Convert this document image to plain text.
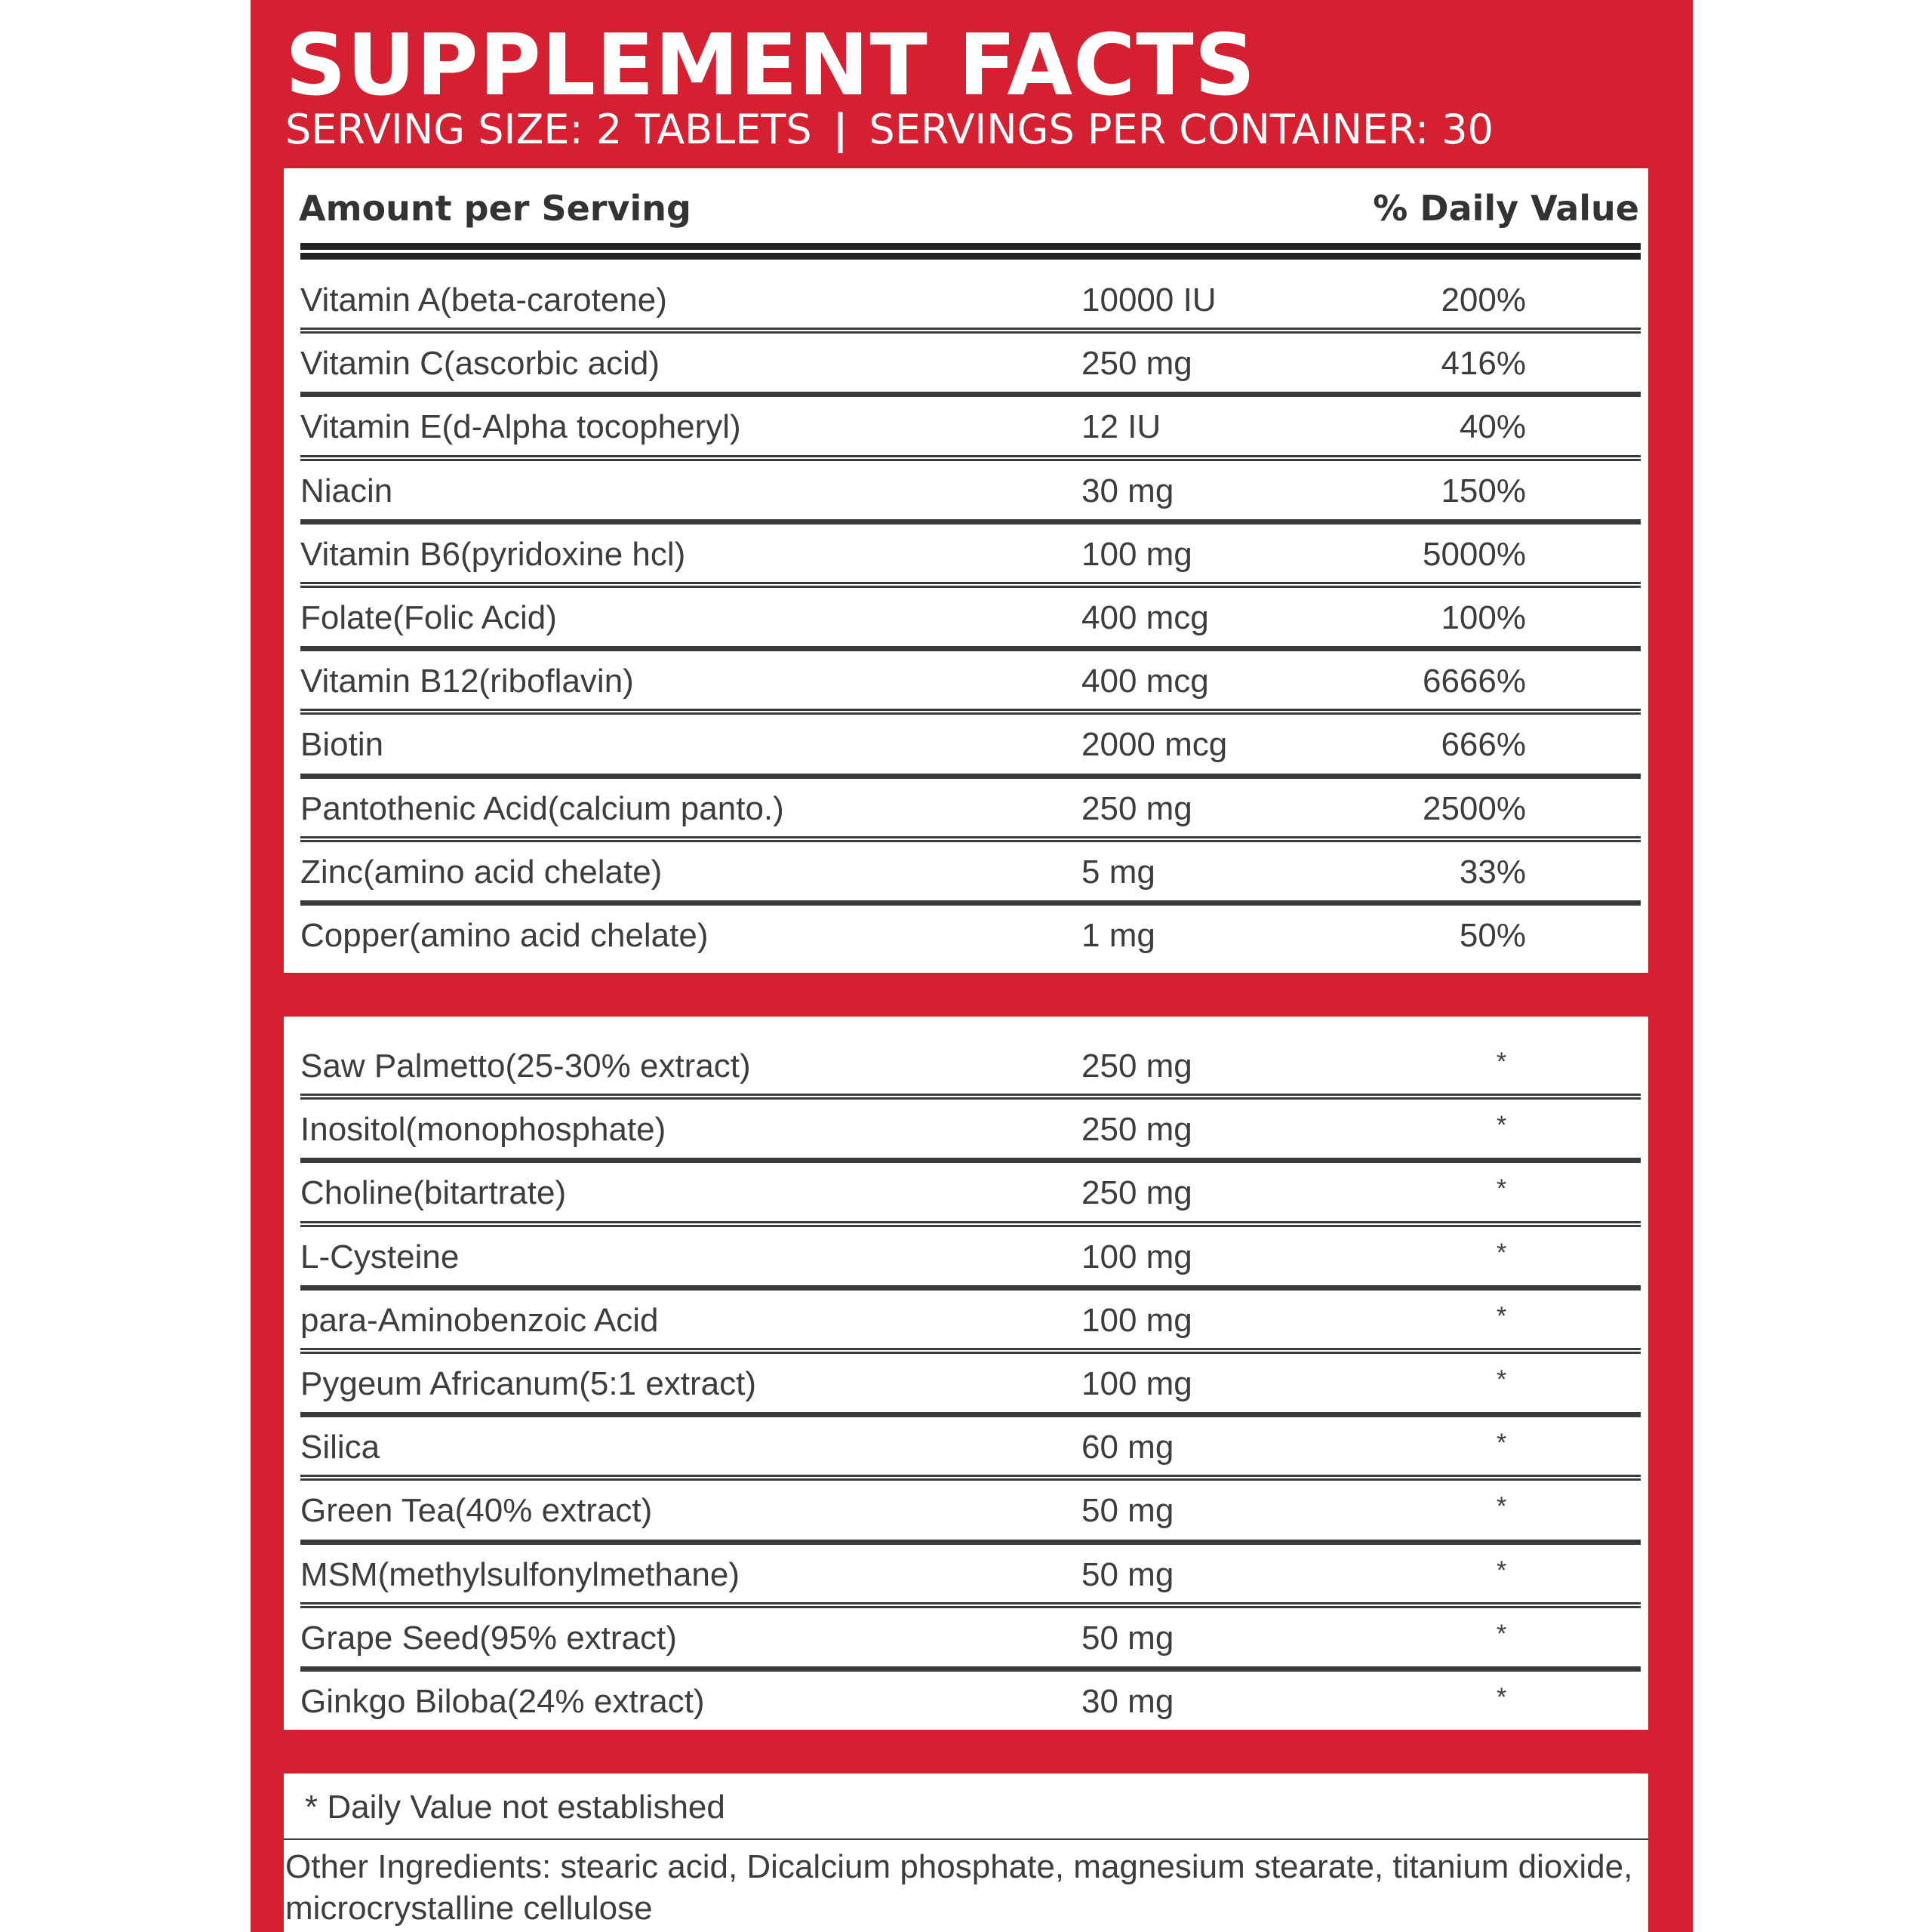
SUPPLEMENT FACTS
SERVING SIZE: 2 TABLETS | SERVINGS PER CONTAINER: 30
Amount per Serving	% Daily Value
Vitamin A(beta-carotene)	10000 IU	200%
Vitamin C(ascorbic acid)	250 mg	416%
Vitamin E(d-Alpha tocopheryl)	12 IU	40%
Niacin	30 mg	150%
Vitamin B6(pyridoxine hcl)	100 mg	5000%
Folate(Folic Acid)	400 mcg	100%
Vitamin B12(riboflavin)	400 mcg	6666%
Biotin	2000 mcg	666%
Pantothenic Acid(calcium panto.)	250 mg	2500%
Zinc(amino acid chelate)	5 mg	33%
Copper(amino acid chelate)	1 mg	50%
Saw Palmetto(25-30% extract)	250 mg	*
Inositol(monophosphate)	250 mg	*
Choline(bitartrate)	250 mg	*
L-Cysteine	100 mg	*
para-Aminobenzoic Acid	100 mg	*
Pygeum Africanum(5:1 extract)	100 mg	*
Silica	60 mg	*
Green Tea(40% extract)	50 mg	*
MSM(methylsulfonylmethane)	50 mg	*
Grape Seed(95% extract)	50 mg	*
Ginkgo Biloba(24% extract)	30 mg	*
* Daily Value not established
Other Ingredients: stearic acid, Dicalcium phosphate, magnesium stearate, titanium dioxide, microcrystalline cellulose
